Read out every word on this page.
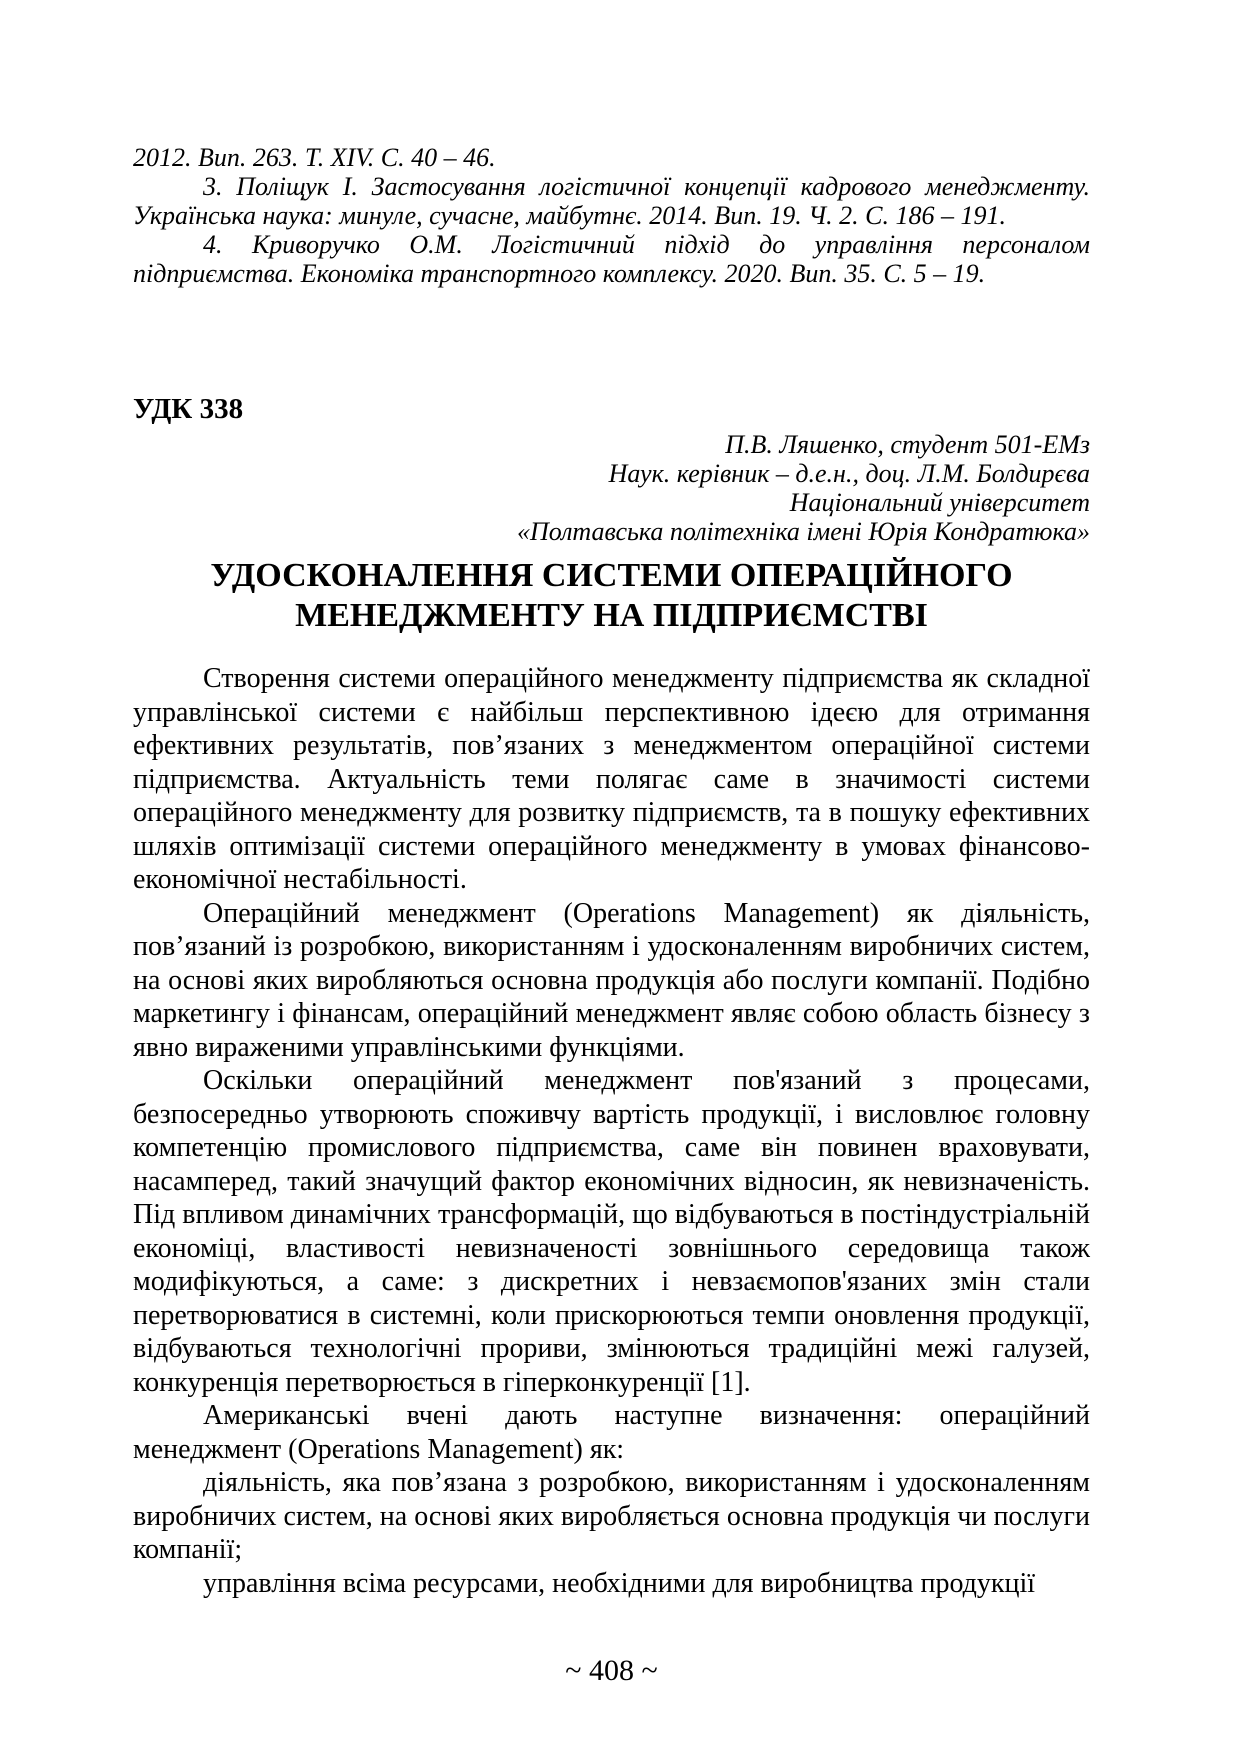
2012. Вип. 263. Т. XIV. С. 40 – 46.

3. Поліщук І. Застосування логістичної концепції кадрового менеджменту. Українська наука: минуле, сучасне, майбутнє. 2014. Вип. 19. Ч. 2. С. 186 – 191.

4. Криворучко О.М. Логістичний підхід до управління персоналом підприємства. Економіка транспортного комплексу. 2020. Вип. 35. С. 5 – 19.

УДК 338

П.В. Ляшенко, студент 501-ЕМз

Наук. керівник – д.е.н., доц. Л.М. Болдирєва

Національний університет

«Полтавська політехніка імені Юрія Кондратюка»

УДОСКОНАЛЕННЯ СИСТЕМИ ОПЕРАЦІЙНОГО
МЕНЕДЖМЕНТУ НА ПІДПРИЄМСТВІ

Створення системи операційного менеджменту підприємства як складної управлінської системи є найбільш перспективною ідеєю для отримання ефективних результатів, пов’язаних з менеджментом операційної системи підприємства. Актуальність теми полягає саме в значимості системи операційного менеджменту для розвитку підприємств, та в пошуку ефективних шляхів оптимізації системи операційного менеджменту в умовах фінансово-економічної нестабільності.

Операційний менеджмент (Operations Management) як діяльність, пов’язаний із розробкою, використанням і удосконаленням виробничих систем, на основі яких виробляються основна продукція або послуги компанії. Подібно маркетингу і фінансам, операційний менеджмент являє собою область бізнесу з явно вираженими управлінськими функціями.

Оскільки операційний менеджмент пов'язаний з процесами, безпосередньо утворюють споживчу вартість продукції, і висловлює головну компетенцію промислового підприємства, саме він повинен враховувати, насамперед, такий значущий фактор економічних відносин, як невизначеність. Під впливом динамічних трансформацій, що відбуваються в постіндустріальній економіці, властивості невизначеності зовнішнього середовища також модифікуються, а саме: з дискретних і невзаємопов'язаних змін стали перетворюватися в системні, коли прискорюються темпи оновлення продукції, відбуваються технологічні прориви, змінюються традиційні межі галузей, конкуренція перетворюється в гіперконкуренції [1].

Американські вчені дають наступне визначення: операційний менеджмент (Operations Management) як:

діяльність, яка пов’язана з розробкою, використанням і удосконаленням виробничих систем, на основі яких виробляється основна продукція чи послуги компанії;

управління всіма ресурсами, необхідними для виробництва продукції

~ 408 ~
